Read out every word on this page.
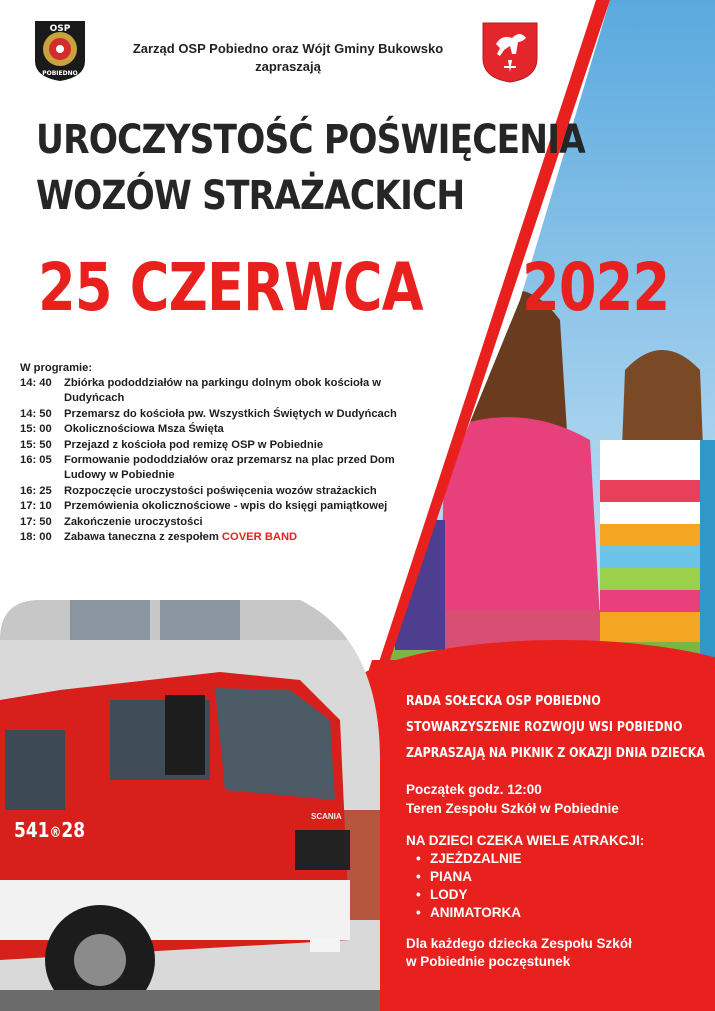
541®28
SCANIA
OSP
POBIEDNO
Zarząd OSP Pobiedno oraz Wójt Gminy Bukowsko
zapraszają
UROCZYSTOŚĆ POŚWIĘCENIA
WOZÓW STRAŻACKICH
25 CZERWCA 2022
W programie:
14: 40	Zbiórka pododdziałów na parkingu dolnym obok kościoła w Dudyńcach
14: 50	Przemarsz do kościoła pw. Wszystkich Świętych w Dudyńcach
15: 00	Okolicznościowa Msza Święta
15: 50	Przejazd z kościoła pod remizę OSP w Pobiednie
16: 05	Formowanie pododdziałów oraz przemarsz na plac przed Dom Ludowy w Pobiednie
16: 25	Rozpoczęcie uroczystości poświęcenia wozów strażackich
17: 10	Przemówienia okolicznościowe - wpis do księgi pamiątkowej
17: 50	Zakończenie uroczystości
18: 00	Zabawa taneczna z zespołem COVER BAND
RADA SOŁECKA OSP POBIEDNO
STOWARZYSZENIE ROZWOJU WSI POBIEDNO
ZAPRASZAJĄ NA PIKNIK Z OKAZJI DNIA DZIECKA
Początek godz. 12:00
Teren Zespołu Szkół w Pobiednie
NA DZIECI CZEKA WIELE ATRAKCJI:
• ZJEŻDZALNIE
• PIANA
• LODY
• ANIMATORKA
Dla każdego dziecka Zespołu Szkół
w Pobiednie poczęstunek
